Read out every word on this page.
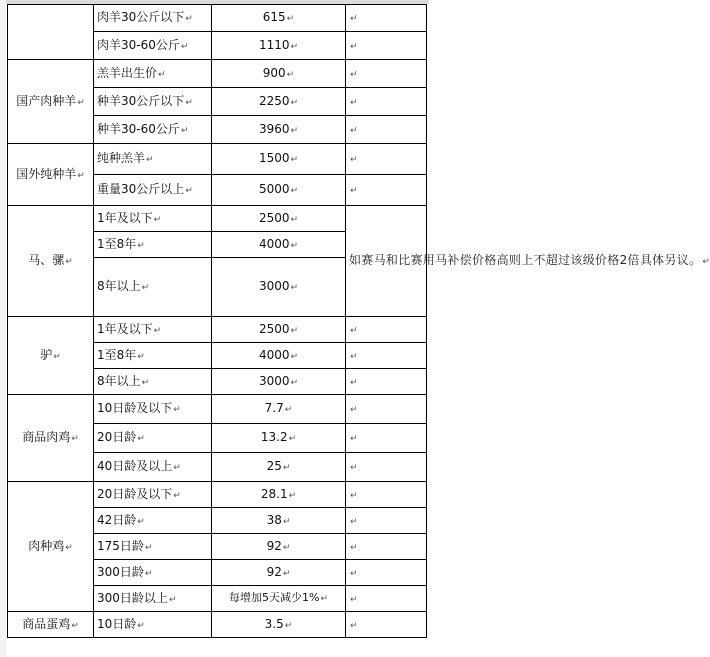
	肉羊30公斤以下↵	615↵	↵
	肉羊30-60公斤↵	1110↵	↵
国产肉种羊↵	羔羊出生价↵	900↵	↵
	种羊30公斤以下↵	2250↵	↵
	种羊30-60公斤↵	3960↵	↵
国外纯种羊↵	纯种羔羊↵	1500↵	↵
	重量30公斤以上↵	5000↵	↵
马、骡↵	1年及以下↵	2500↵	如赛马和比赛用马补偿价格高则上不超过该级价格2倍具体另议。↵
	1至8年↵	4000↵	
	8年以上↵	3000↵	
驴↵	1年及以下↵	2500↵	↵
	1至8年↵	4000↵	↵
	8年以上↵	3000↵	↵
商品肉鸡↵	10日龄及以下↵	7.7↵	↵
	20日龄↵	13.2↵	↵
	40日龄及以上↵	25↵	↵
肉种鸡↵	20日龄及以下↵	28.1↵	↵
	42日龄↵	38↵	↵
	175日龄↵	92↵	↵
	300日龄↵	92↵	↵
	300日龄以上↵	每增加5天减少1%↵	↵
商品蛋鸡↵	10日龄↵	3.5↵	↵
